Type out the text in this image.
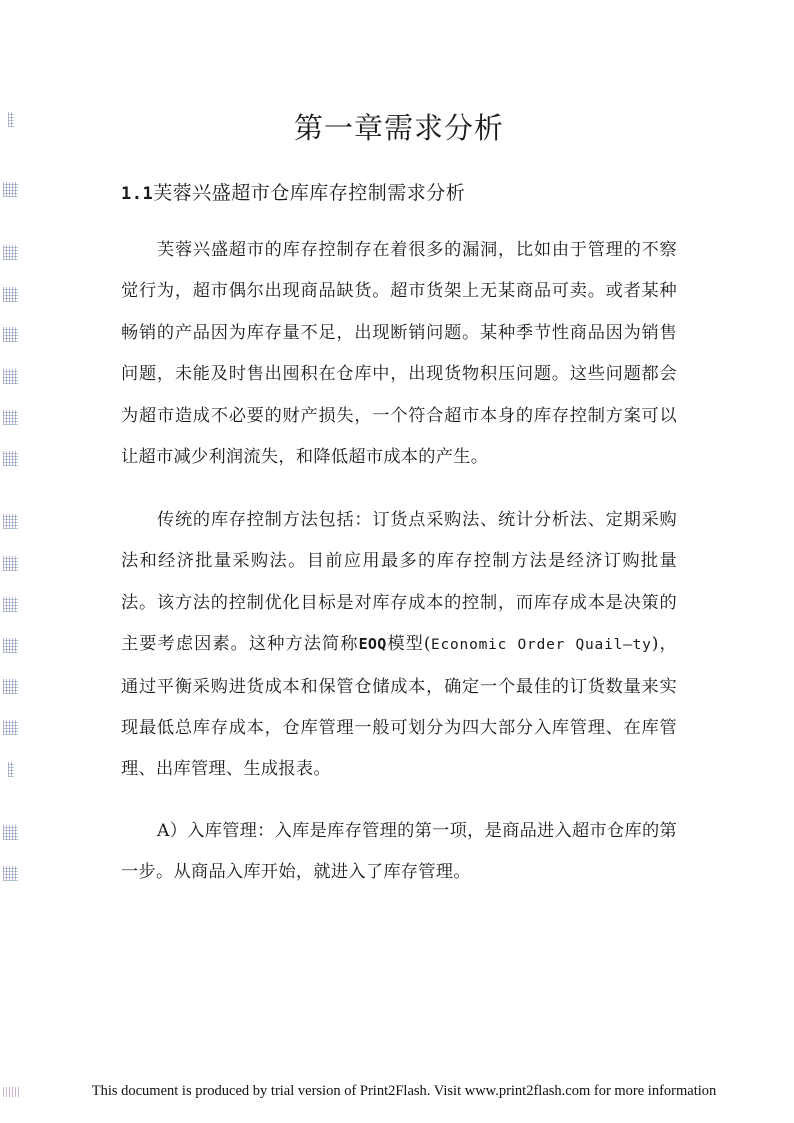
第一章需求分析
1.1芙蓉兴盛超市仓库库存控制需求分析

芙蓉兴盛超市的库存控制存在着很多的漏洞，比如由于管理的不察觉行为，超市偶尔出现商品缺货。超市货架上无某商品可卖。或者某种畅销的产品因为库存量不足，出现断销问题。某种季节性商品因为销售问题，未能及时售出囤积在仓库中，出现货物积压问题。这些问题都会为超市造成不必要的财产损失，一个符合超市本身的库存控制方案可以让超市减少利润流失，和降低超市成本的产生。

传统的库存控制方法包括：订货点采购法、统计分析法、定期采购法和经济批量采购法。目前应用最多的库存控制方法是经济订购批量法。该方法的控制优化目标是对库存成本的控制，而库存成本是决策的主要考虑因素。这种方法简称EOQ模型(Economic Order Quail—ty)，通过平衡采购进货成本和保管仓储成本，确定一个最佳的订货数量来实现最低总库存成本，仓库管理一般可划分为四大部分入库管理、在库管理、出库管理、生成报表。

A）入库管理：入库是库存管理的第一项，是商品进入超市仓库的第一步。从商品入库开始，就进入了库存管理。

This document is produced by trial version of Print2Flash. Visit www.print2flash.com for more information
